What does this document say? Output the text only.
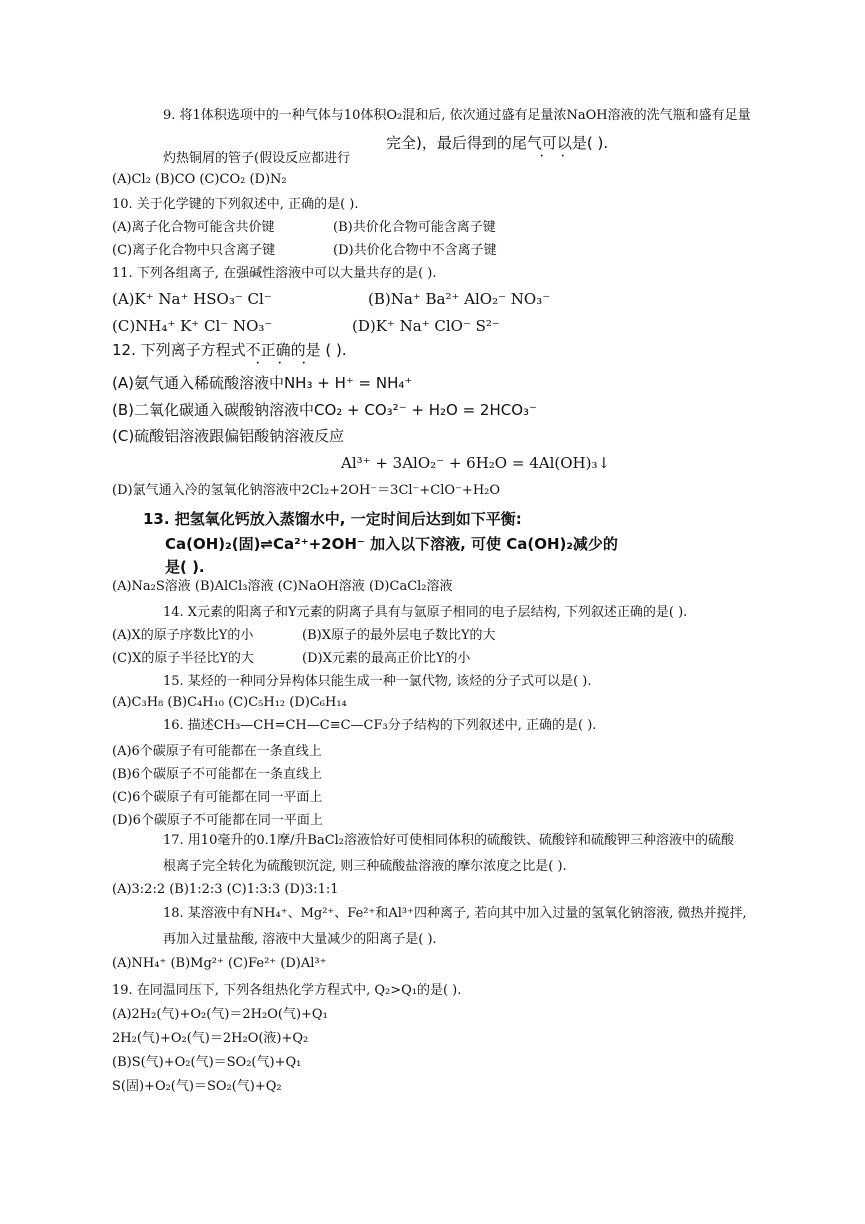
9. 将1体积选项中的一种气体与10体积O₂混和后, 依次通过盛有足量浓NaOH溶液的洗气瓶和盛有足量
完全)，最后得到的尾气可以是( ).
· ·
灼热铜屑的管子(假设反应都进行
(A)Cl₂ (B)CO (C)CO₂ (D)N₂
10. 关于化学键的下列叙述中, 正确的是( ).
(A)离子化合物可能含共价键	(B)共价化合物可能含离子键
(C)离子化合物中只含离子键	(D)共价化合物中不含离子键
11. 下列各组离子, 在强碱性溶液中可以大量共存的是( ).
(A)K⁺ Na⁺ HSO₃⁻ Cl⁻	(B)Na⁺ Ba²⁺ AlO₂⁻ NO₃⁻
(C)NH₄⁺ K⁺ Cl⁻ NO₃⁻	(D)K⁺ Na⁺ ClO⁻ S²⁻
12. 下列离子方程式不正确的是 ( ).
· · ·
(A)氨气通入稀硫酸溶液中NH₃ + H⁺ = NH₄⁺
(B)二氧化碳通入碳酸钠溶液中CO₂ + CO₃²⁻ + H₂O = 2HCO₃⁻
(C)硫酸铝溶液跟偏铝酸钠溶液反应
Al³⁺ + 3AlO₂⁻ + 6H₂O = 4Al(OH)₃↓
(D)氯气通入冷的氢氧化钠溶液中2Cl₂+2OH⁻＝3Cl⁻+ClO⁻+H₂O
13. 把氢氧化钙放入蒸馏水中, 一定时间后达到如下平衡:
Ca(OH)₂(固)⇌Ca²⁺+2OH⁻ 加入以下溶液, 可使 Ca(OH)₂减少的
是( ).
(A)Na₂S溶液 (B)AlCl₃溶液 (C)NaOH溶液 (D)CaCl₂溶液
14. X元素的阳离子和Y元素的阴离子具有与氩原子相同的电子层结构, 下列叙述正确的是( ).
(A)X的原子序数比Y的小	(B)X原子的最外层电子数比Y的大
(C)X的原子半径比Y的大	(D)X元素的最高正价比Y的小
15. 某烃的一种同分异构体只能生成一种一氯代物, 该烃的分子式可以是( ).
(A)C₃H₈ (B)C₄H₁₀ (C)C₅H₁₂ (D)C₆H₁₄
16. 描述CH₃—CH=CH—C≡C—CF₃分子结构的下列叙述中, 正确的是( ).
(A)6个碳原子有可能都在一条直线上
(B)6个碳原子不可能都在一条直线上
(C)6个碳原子有可能都在同一平面上
(D)6个碳原子不可能都在同一平面上
17. 用10毫升的0.1摩/升BaCl₂溶液恰好可使相同体积的硫酸铁、硫酸锌和硫酸钾三种溶液中的硫酸
根离子完全转化为硫酸钡沉淀, 则三种硫酸盐溶液的摩尔浓度之比是( ).
(A)3:2:2 (B)1:2:3 (C)1:3:3 (D)3:1:1
18. 某溶液中有NH₄⁺、Mg²⁺、Fe²⁺和Al³⁺四种离子, 若向其中加入过量的氢氧化钠溶液, 微热并搅拌,
再加入过量盐酸, 溶液中大量减少的阳离子是( ).
(A)NH₄⁺ (B)Mg²⁺ (C)Fe²⁺ (D)Al³⁺
19. 在同温同压下, 下列各组热化学方程式中, Q₂>Q₁的是( ).
(A)2H₂(气)+O₂(气)＝2H₂O(气)+Q₁
2H₂(气)+O₂(气)＝2H₂O(液)+Q₂
(B)S(气)+O₂(气)＝SO₂(气)+Q₁
S(固)+O₂(气)＝SO₂(气)+Q₂
